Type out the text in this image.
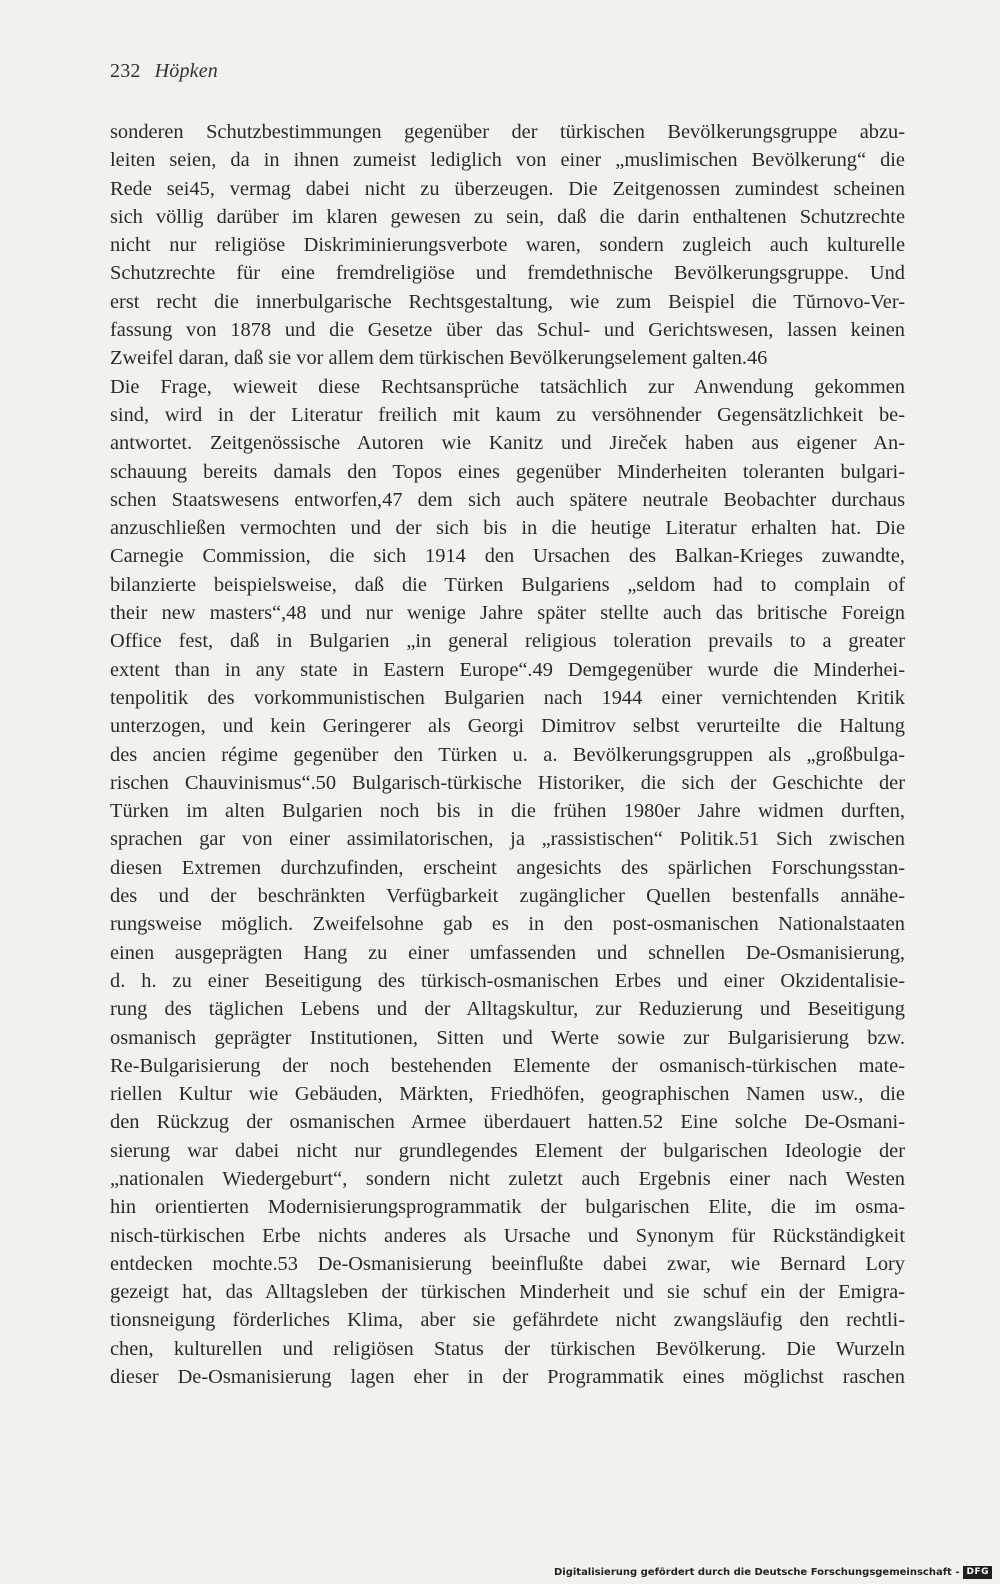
232 Höpken
sonderen Schutzbestimmungen gegenüber der türkischen Bevölkerungsgruppe abzu-
leiten seien, da in ihnen zumeist lediglich von einer „muslimischen Bevölkerung“ die
Rede sei45, vermag dabei nicht zu überzeugen. Die Zeitgenossen zumindest scheinen
sich völlig darüber im klaren gewesen zu sein, daß die darin enthaltenen Schutzrechte
nicht nur religiöse Diskriminierungsverbote waren, sondern zugleich auch kulturelle
Schutzrechte für eine fremdreligiöse und fremdethnische Bevölkerungsgruppe. Und
erst recht die innerbulgarische Rechtsgestaltung, wie zum Beispiel die Tŭrnovo-Ver-
fassung von 1878 und die Gesetze über das Schul- und Gerichtswesen, lassen keinen
Zweifel daran, daß sie vor allem dem türkischen Bevölkerungselement galten.46
Die Frage, wieweit diese Rechtsansprüche tatsächlich zur Anwendung gekommen
sind, wird in der Literatur freilich mit kaum zu versöhnender Gegensätzlichkeit be-
antwortet. Zeitgenössische Autoren wie Kanitz und Jireček haben aus eigener An-
schauung bereits damals den Topos eines gegenüber Minderheiten toleranten bulgari-
schen Staatswesens entworfen,47 dem sich auch spätere neutrale Beobachter durchaus
anzuschließen vermochten und der sich bis in die heutige Literatur erhalten hat. Die
Carnegie Commission, die sich 1914 den Ursachen des Balkan-Krieges zuwandte,
bilanzierte beispielsweise, daß die Türken Bulgariens „seldom had to complain of
their new masters“,48 und nur wenige Jahre später stellte auch das britische Foreign
Office fest, daß in Bulgarien „in general religious toleration prevails to a greater
extent than in any state in Eastern Europe“.49 Demgegenüber wurde die Minderhei-
tenpolitik des vorkommunistischen Bulgarien nach 1944 einer vernichtenden Kritik
unterzogen, und kein Geringerer als Georgi Dimitrov selbst verurteilte die Haltung
des ancien régime gegenüber den Türken u. a. Bevölkerungsgruppen als „großbulga-
rischen Chauvinismus“.50 Bulgarisch-türkische Historiker, die sich der Geschichte der
Türken im alten Bulgarien noch bis in die frühen 1980er Jahre widmen durften,
sprachen gar von einer assimilatorischen, ja „rassistischen“ Politik.51 Sich zwischen
diesen Extremen durchzufinden, erscheint angesichts des spärlichen Forschungsstan-
des und der beschränkten Verfügbarkeit zugänglicher Quellen bestenfalls annähe-
rungsweise möglich. Zweifelsohne gab es in den post-osmanischen Nationalstaaten
einen ausgeprägten Hang zu einer umfassenden und schnellen De-Osmanisierung,
d. h. zu einer Beseitigung des türkisch-osmanischen Erbes und einer Okzidentalisie-
rung des täglichen Lebens und der Alltagskultur, zur Reduzierung und Beseitigung
osmanisch geprägter Institutionen, Sitten und Werte sowie zur Bulgarisierung bzw.
Re-Bulgarisierung der noch bestehenden Elemente der osmanisch-türkischen mate-
riellen Kultur wie Gebäuden, Märkten, Friedhöfen, geographischen Namen usw., die
den Rückzug der osmanischen Armee überdauert hatten.52 Eine solche De-Osmani-
sierung war dabei nicht nur grundlegendes Element der bulgarischen Ideologie der
„nationalen Wiedergeburt“, sondern nicht zuletzt auch Ergebnis einer nach Westen
hin orientierten Modernisierungsprogrammatik der bulgarischen Elite, die im osma-
nisch-türkischen Erbe nichts anderes als Ursache und Synonym für Rückständigkeit
entdecken mochte.53 De-Osmanisierung beeinflußte dabei zwar, wie Bernard Lory
gezeigt hat, das Alltagsleben der türkischen Minderheit und sie schuf ein der Emigra-
tionsneigung förderliches Klima, aber sie gefährdete nicht zwangsläufig den rechtli-
chen, kulturellen und religiösen Status der türkischen Bevölkerung. Die Wurzeln
dieser De-Osmanisierung lagen eher in der Programmatik eines möglichst raschen
Digitalisierung gefördert durch die Deutsche Forschungsgemeinschaft - DFG
